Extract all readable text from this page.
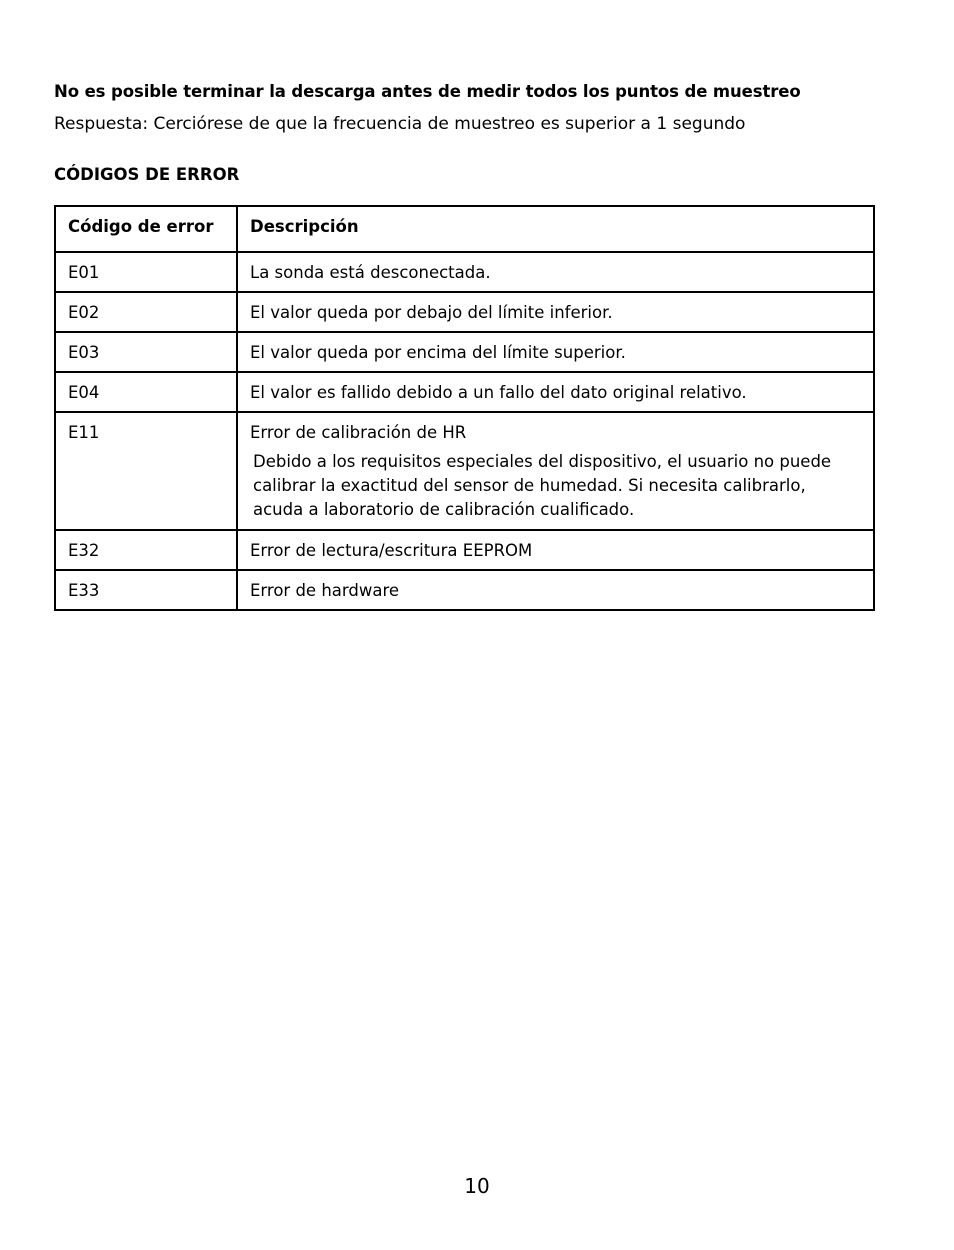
No es posible terminar la descarga antes de medir todos los puntos de muestreo
Respuesta: Cerciórese de que la frecuencia de muestreo es superior a 1 segundo
CÓDIGOS DE ERROR
Código de error	Descripción
E01	La sonda está desconectada.
E02	El valor queda por debajo del límite inferior.
E03	El valor queda por encima del límite superior.
E04	El valor es fallido debido a un fallo del dato original relativo.
E11	Error de calibración de HR
Debido a los requisitos especiales del dispositivo, el usuario no puede calibrar la exactitud del sensor de humedad. Si necesita calibrarlo, acuda a laboratorio de calibración cualificado.

E32	Error de lectura/escritura EEPROM
E33	Error de hardware
10
